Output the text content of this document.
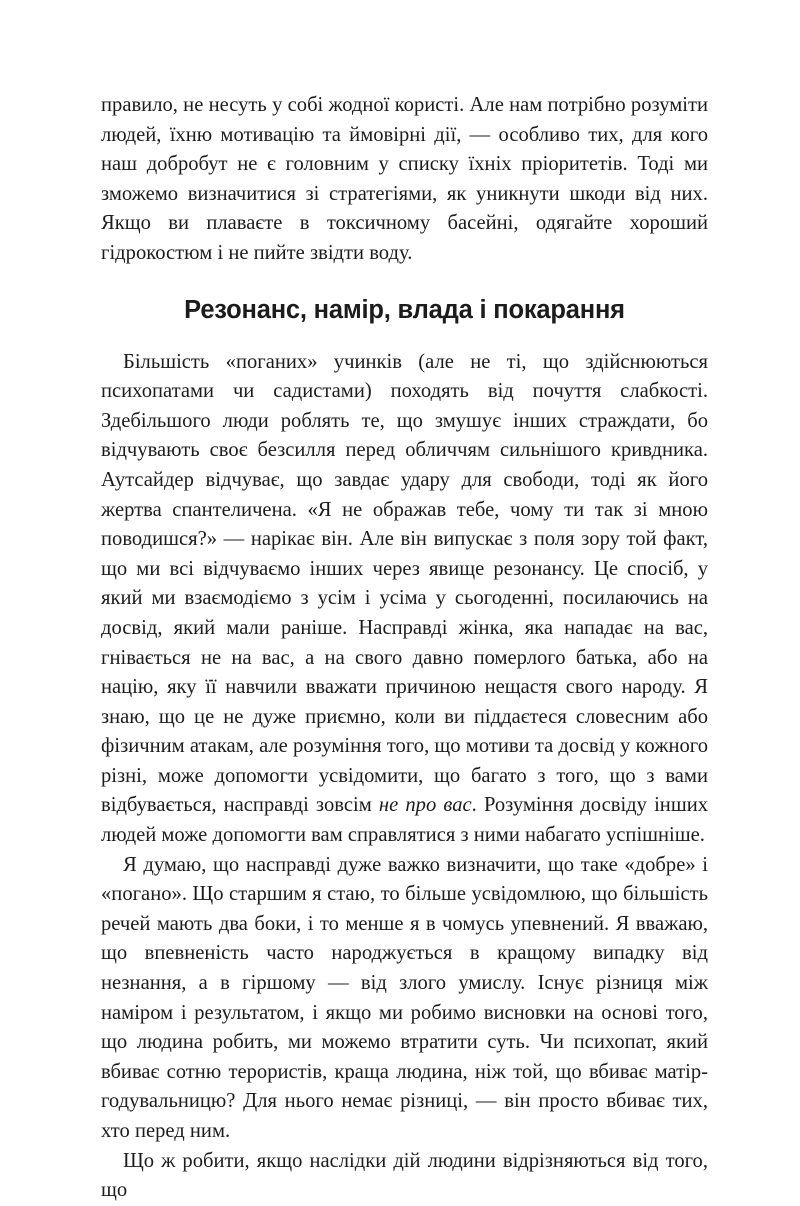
правило, не несуть у собі жодної користі. Але нам потрібно розуміти людей, їхню мотивацію та ймовірні дії, — особливо тих, для кого наш добробут не є головним у списку їхніх пріоритетів. Тоді ми зможемо визначитися зі стратегіями, як уникнути шкоди від них. Якщо ви плаваєте в токсичному басейні, одягайте хороший гідрокостюм і не пийте звідти воду.

Резонанс, намір, влада і покарання

Більшість «поганих» учинків (але не ті, що здійснюються психопатами чи садистами) походять від почуття слабкості. Здебільшого люди роблять те, що змушує інших страждати, бо відчувають своє безсилля перед обличчям сильнішого кривдника. Аутсайдер відчуває, що завдає удару для свободи, тоді як його жертва спантеличена. «Я не ображав тебе, чому ти так зі мною поводишся?» — нарікає він. Але він випускає з поля зору той факт, що ми всі відчуваємо інших через явище резонансу. Це спосіб, у який ми взаємодіємо з усім і усіма у сьогоденні, посилаючись на досвід, який мали раніше. Насправді жінка, яка нападає на вас, гнівається не на вас, а на свого давно померлого батька, або на націю, яку її навчили вважати причиною нещастя свого народу. Я знаю, що це не дуже приємно, коли ви піддаєтеся словесним або фізичним атакам, але розуміння того, що мотиви та досвід у кожного різні, може допомогти усвідомити, що багато з того, що з вами відбувається, насправді зовсім не про вас. Розуміння досвіду інших людей може допомогти вам справлятися з ними набагато успішніше.

Я думаю, що насправді дуже важко визначити, що таке «добре» і «погано». Що старшим я стаю, то більше усвідомлюю, що більшість речей мають два боки, і то менше я в чомусь упевнений. Я вважаю, що впевненість часто народжується в кращому випадку від незнання, а в гіршому — від злого умислу. Існує різниця між наміром і результатом, і якщо ми робимо висновки на основі того, що людина робить, ми можемо втратити суть. Чи психопат, який вбиває сотню терористів, краща людина, ніж той, що вбиває матір-годувальницю? Для нього немає різниці, — він просто вбиває тих, хто перед ним.

Що ж робити, якщо наслідки дій людини відрізняються від того, що
